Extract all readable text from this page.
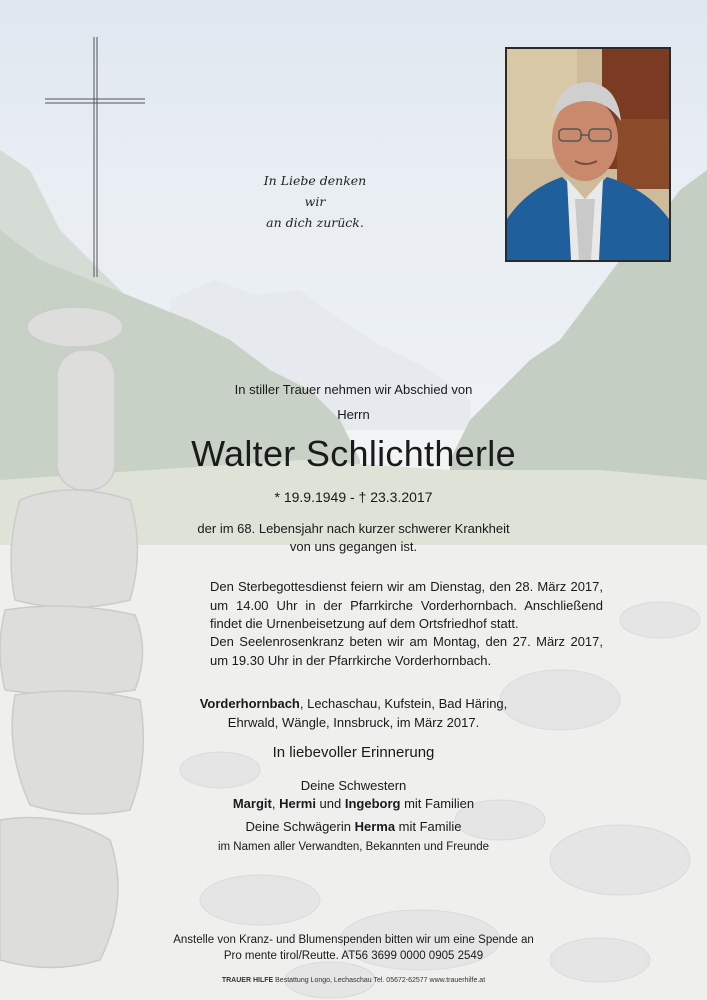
In Liebe denken wir
an dich zurück.
In stiller Trauer nehmen wir Abschied von
Herrn
Walter Schlichtherle
* 19.9.1949 - † 23.3.2017
der im 68. Lebensjahr nach kurzer schwerer Krankheit
von uns gegangen ist.
Den Sterbegottesdienst feiern wir am Dienstag, den 28. März 2017, um 14.00 Uhr in der Pfarrkirche Vorderhornbach. Anschließend findet die Urnenbeisetzung auf dem Ortsfriedhof statt.
Den Seelenrosenkranz beten wir am Montag, den 27. März 2017, um 19.30 Uhr in der Pfarrkirche Vorderhornbach.
Vorderhornbach, Lechaschau, Kufstein, Bad Häring,
Ehrwald, Wängle, Innsbruck, im März 2017.
In liebevoller Erinnerung
Deine Schwestern
Margit, Hermi und Ingeborg mit Familien
Deine Schwägerin Herma mit Familie
im Namen aller Verwandten, Bekannten und Freunde
Anstelle von Kranz- und Blumenspenden bitten wir um eine Spende an
Pro mente tirol/Reutte. AT56 3699 0000 0905 2549
TRAUER HILFE Bestattung Longo, Lechaschau Tel. 05672-62577 www.trauerhilfe.at
